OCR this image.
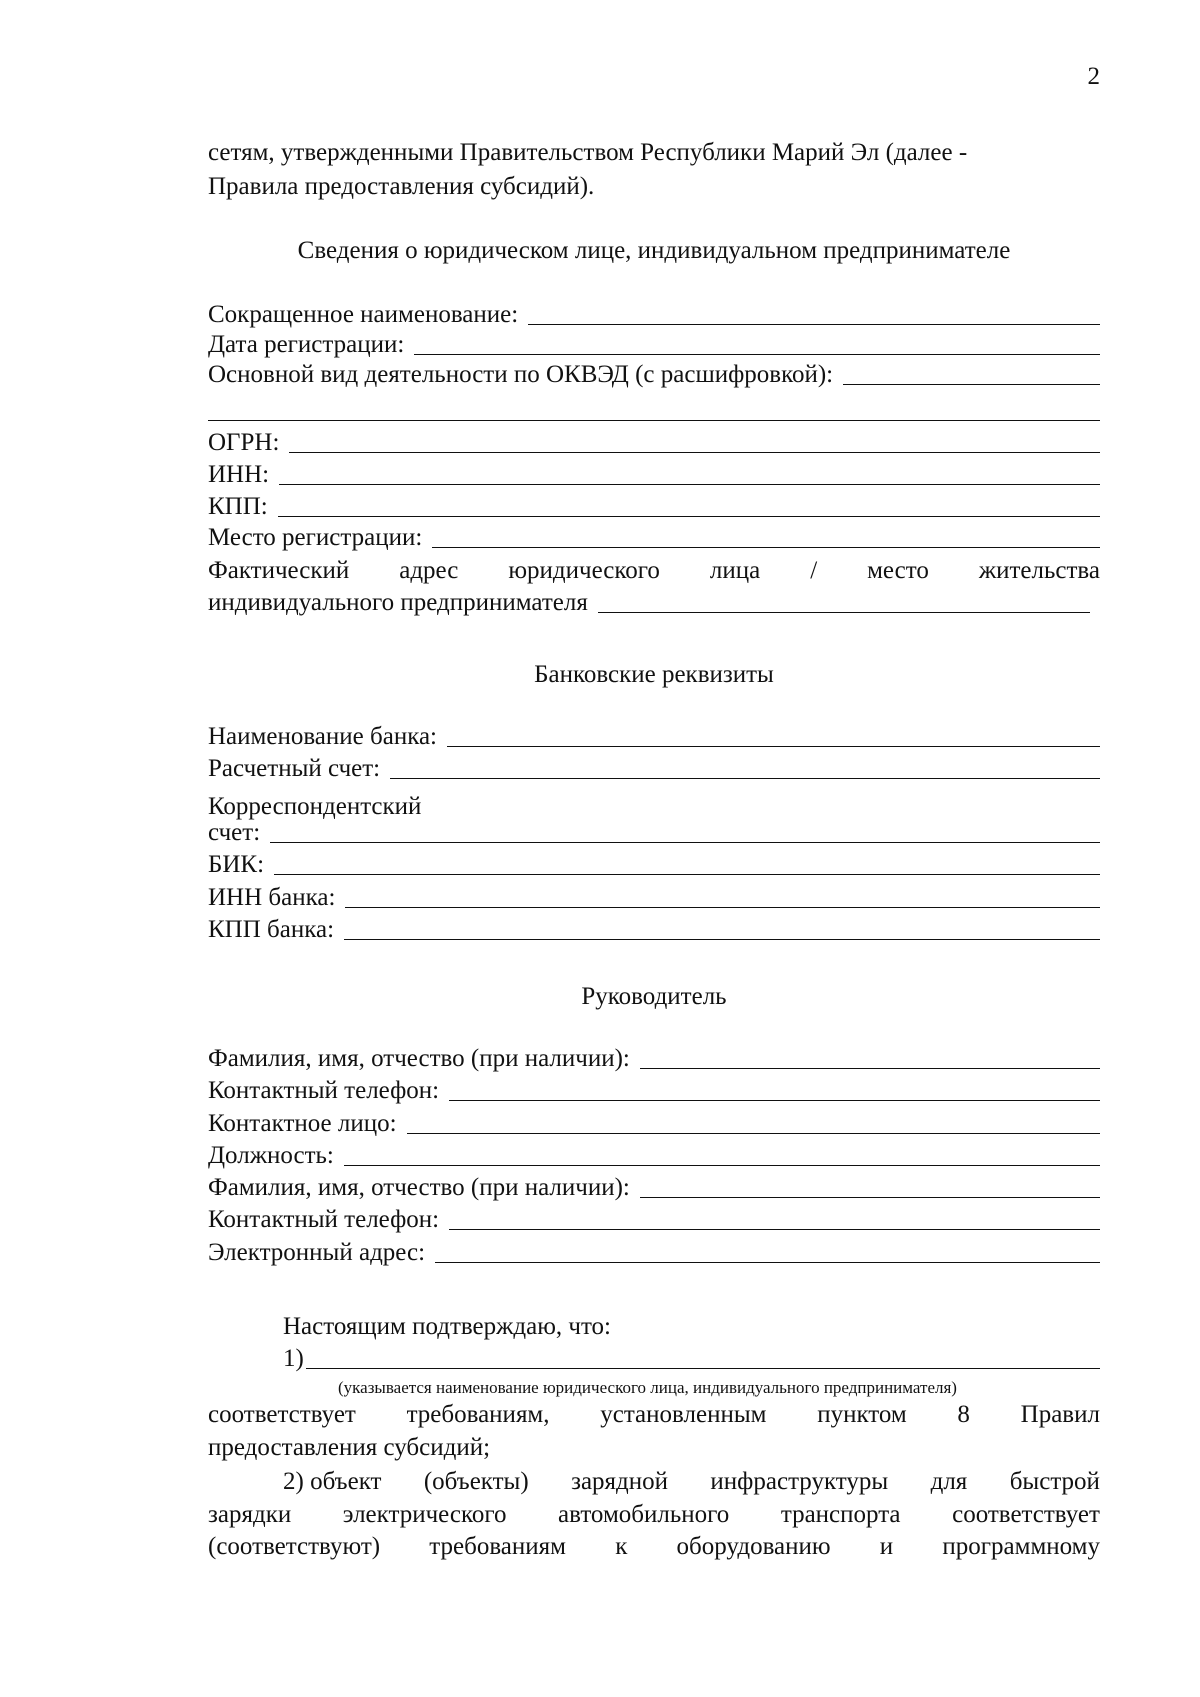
2
сетям, утвержденными Правительством Республики Марий Эл (далее -
Правила предоставления субсидий).
Сведения о юридическом лице, индивидуальном предпринимателе
Сокращенное наименование:
Дата регистрации:
Основной вид деятельности по ОКВЭД (с расшифровкой):
ОГРН:
ИНН:
КПП:
Место регистрации:
Фактический адрес юридического лица / место жительства
индивидуального предпринимателя
Банковские реквизиты
Наименование банка:
Расчетный счет:
Корреспондентский
счет:
БИК:
ИНН банка:
КПП банка:
Руководитель
Фамилия, имя, отчество (при наличии):
Контактный телефон:
Контактное лицо:
Должность:
Фамилия, имя, отчество (при наличии):
Контактный телефон:
Электронный адрес:
Настоящим подтверждаю, что:
1)
(указывается наименование юридического лица, индивидуального предпринимателя)
соответствует требованиям, установленным пунктом 8 Правил
предоставления субсидий;
2) объект (объекты) зарядной инфраструктуры для быстрой
зарядки электрического автомобильного транспорта соответствует
(соответствуют) требованиям к оборудованию и программному
